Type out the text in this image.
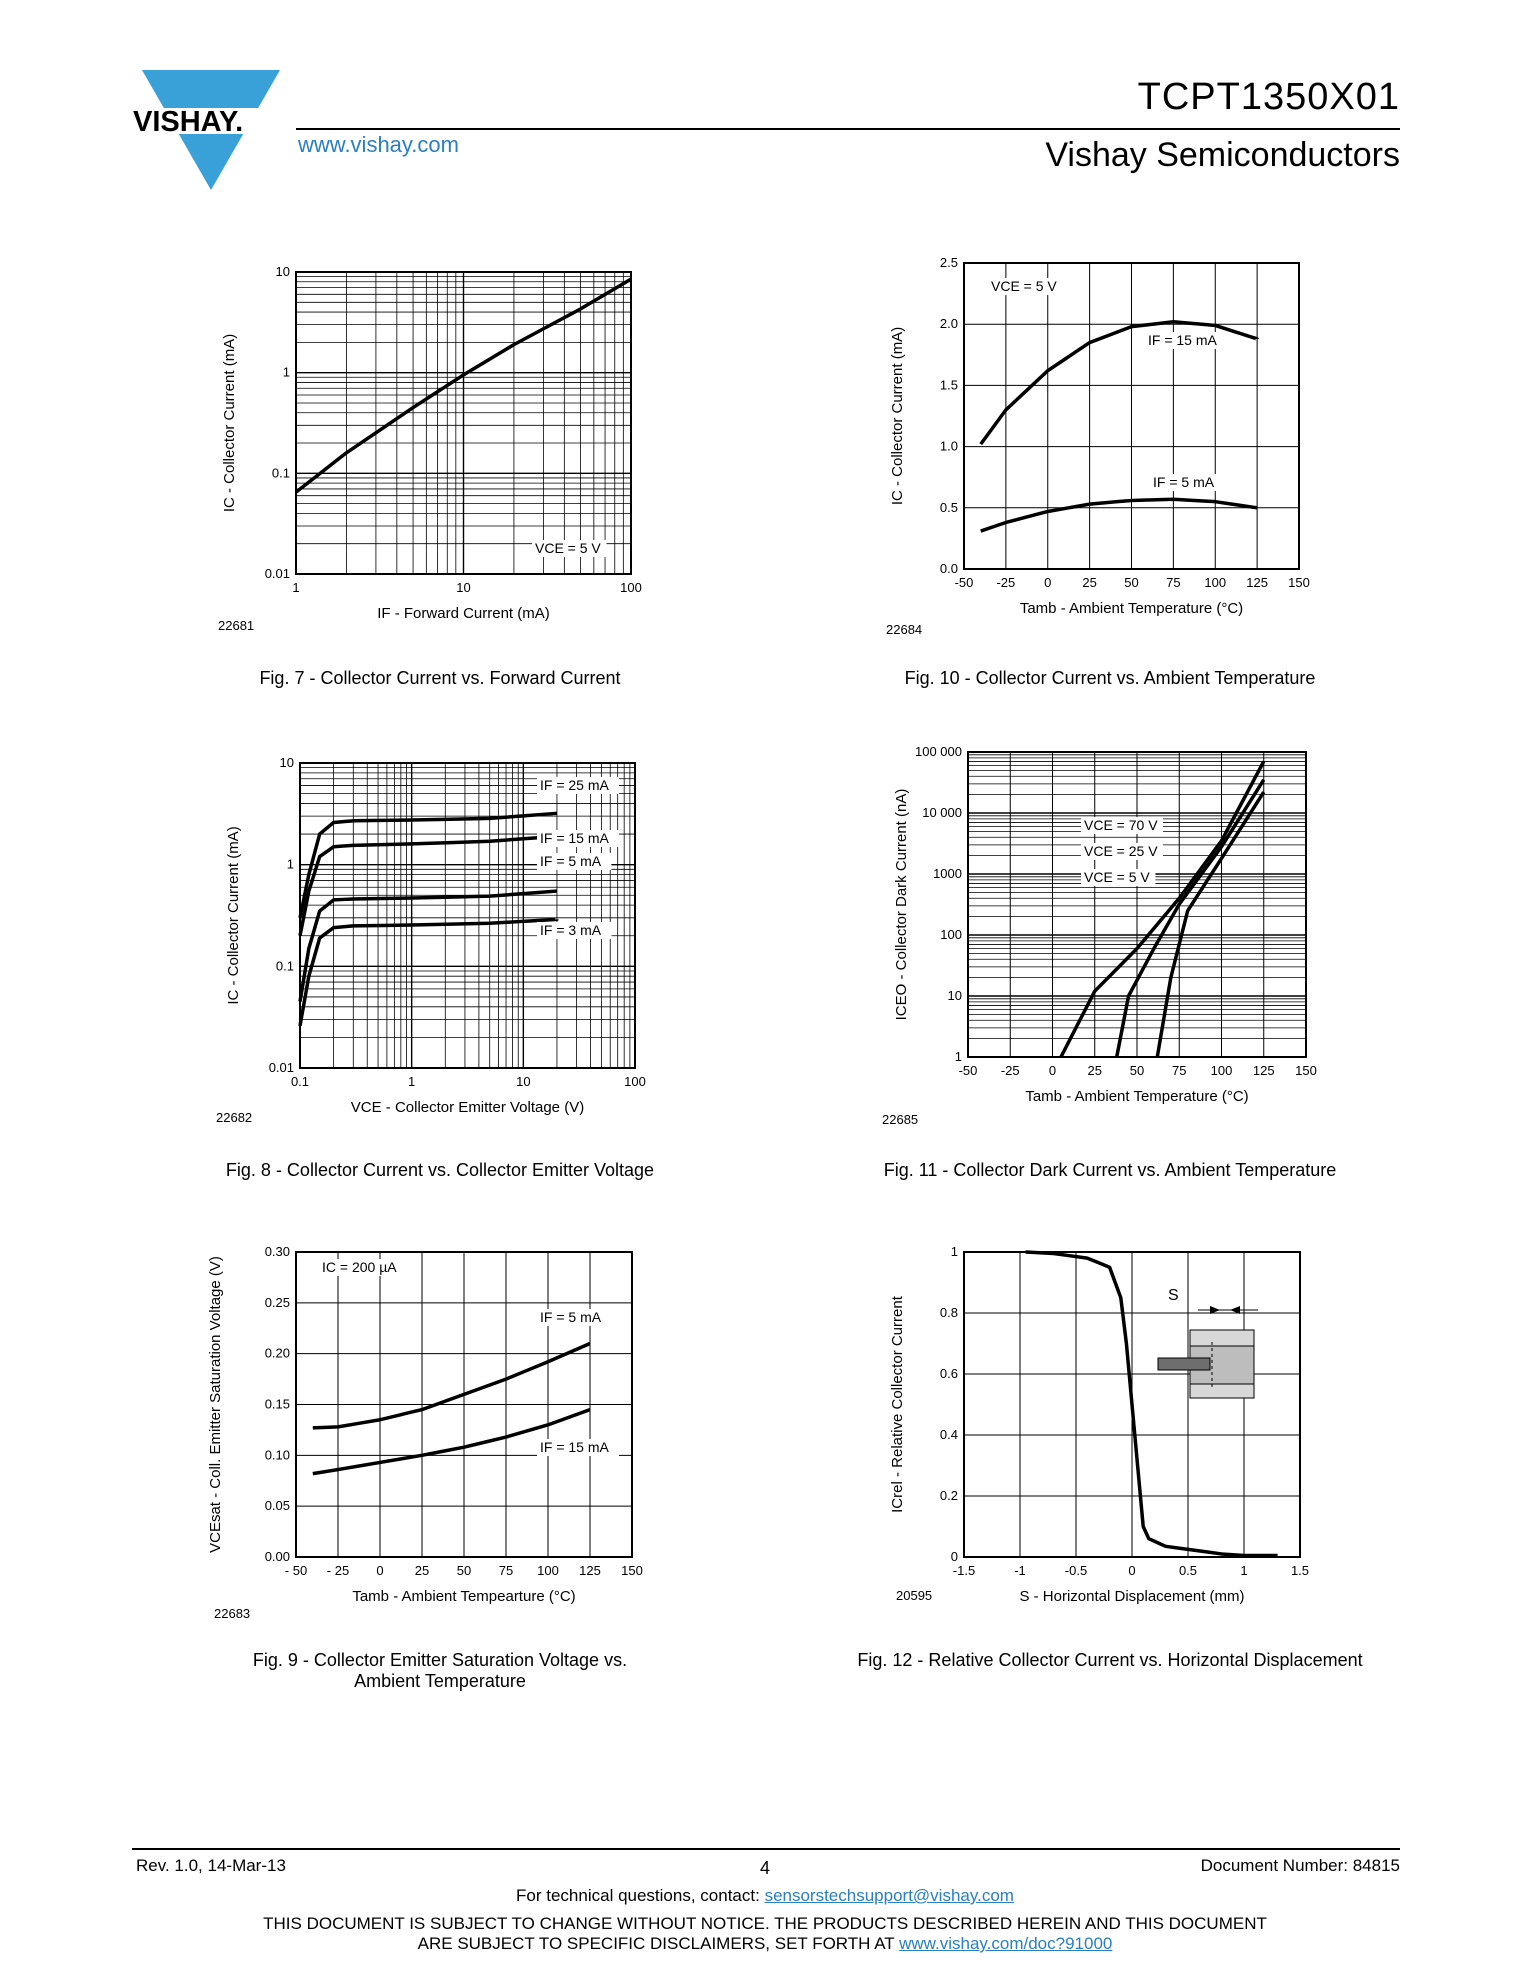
VISHAY.
TCPT1350X01
Vishay Semiconductors
www.vishay.com
1	10	100
0.01
0.1
1
10
IF - Forward Current (mA)
IC - Collector Current (mA)
VCE = 5 V
22681
Fig. 7 - Collector Current vs. Forward Current
-50 -25 0 25 50 75 100 125 150
0.0
0.5
1.0
1.5
2.0
2.5
Tamb - Ambient Temperature (°C)
IC - Collector Current (mA)
VCE = 5 V
IF = 15 mA
IF = 5 mA
22684
Fig. 10 - Collector Current vs. Ambient Temperature
0.1	1	10	100
0.01
0.1
1
10
VCE - Collector Emitter Voltage (V)
IC - Collector Current (mA)
IF = 25 mA
IF = 15 mA
IF = 5 mA
IF = 3 mA
22682
Fig. 8 - Collector Current vs. Collector Emitter Voltage
-50 -25 0 25 50 75 100 125 150
1
10
100
1000
10 000
100 000
Tamb - Ambient Temperature (°C)
ICEO - Collector Dark Current (nA)	VCE = 70 V
VCE = 25 V
VCE = 5 V
22685
Fig. 11 - Collector Dark Current vs. Ambient Temperature
- 50 - 25 0 25 50 75 100 125 150
0.00
0.05
0.10
0.15
0.20
0.25
0.30
Tamb - Ambient Tempearture (°C)
VCEsat - Coll. Emitter Saturation Voltage (V)	IC = 200 µA
IF = 5 mA
IF = 15 mA
22683
Fig. 9 - Collector Emitter Saturation Voltage vs.
Ambient Temperature
-1.5	-1	-0.5	0	0.5	1	1.5
0
0.2
0.4
0.6
0.8
1
S - Horizontal Displacement (mm)
ICrel - Relative Collector Current
S
20595
Fig. 12 - Relative Collector Current vs. Horizontal Displacement
Rev. 1.0, 14-Mar-13	4	Document Number: 84815
For technical questions, contact: sensorstechsupport@vishay.com
THIS DOCUMENT IS SUBJECT TO CHANGE WITHOUT NOTICE. THE PRODUCTS DESCRIBED HEREIN AND THIS DOCUMENT
ARE SUBJECT TO SPECIFIC DISCLAIMERS, SET FORTH AT www.vishay.com/doc?91000
